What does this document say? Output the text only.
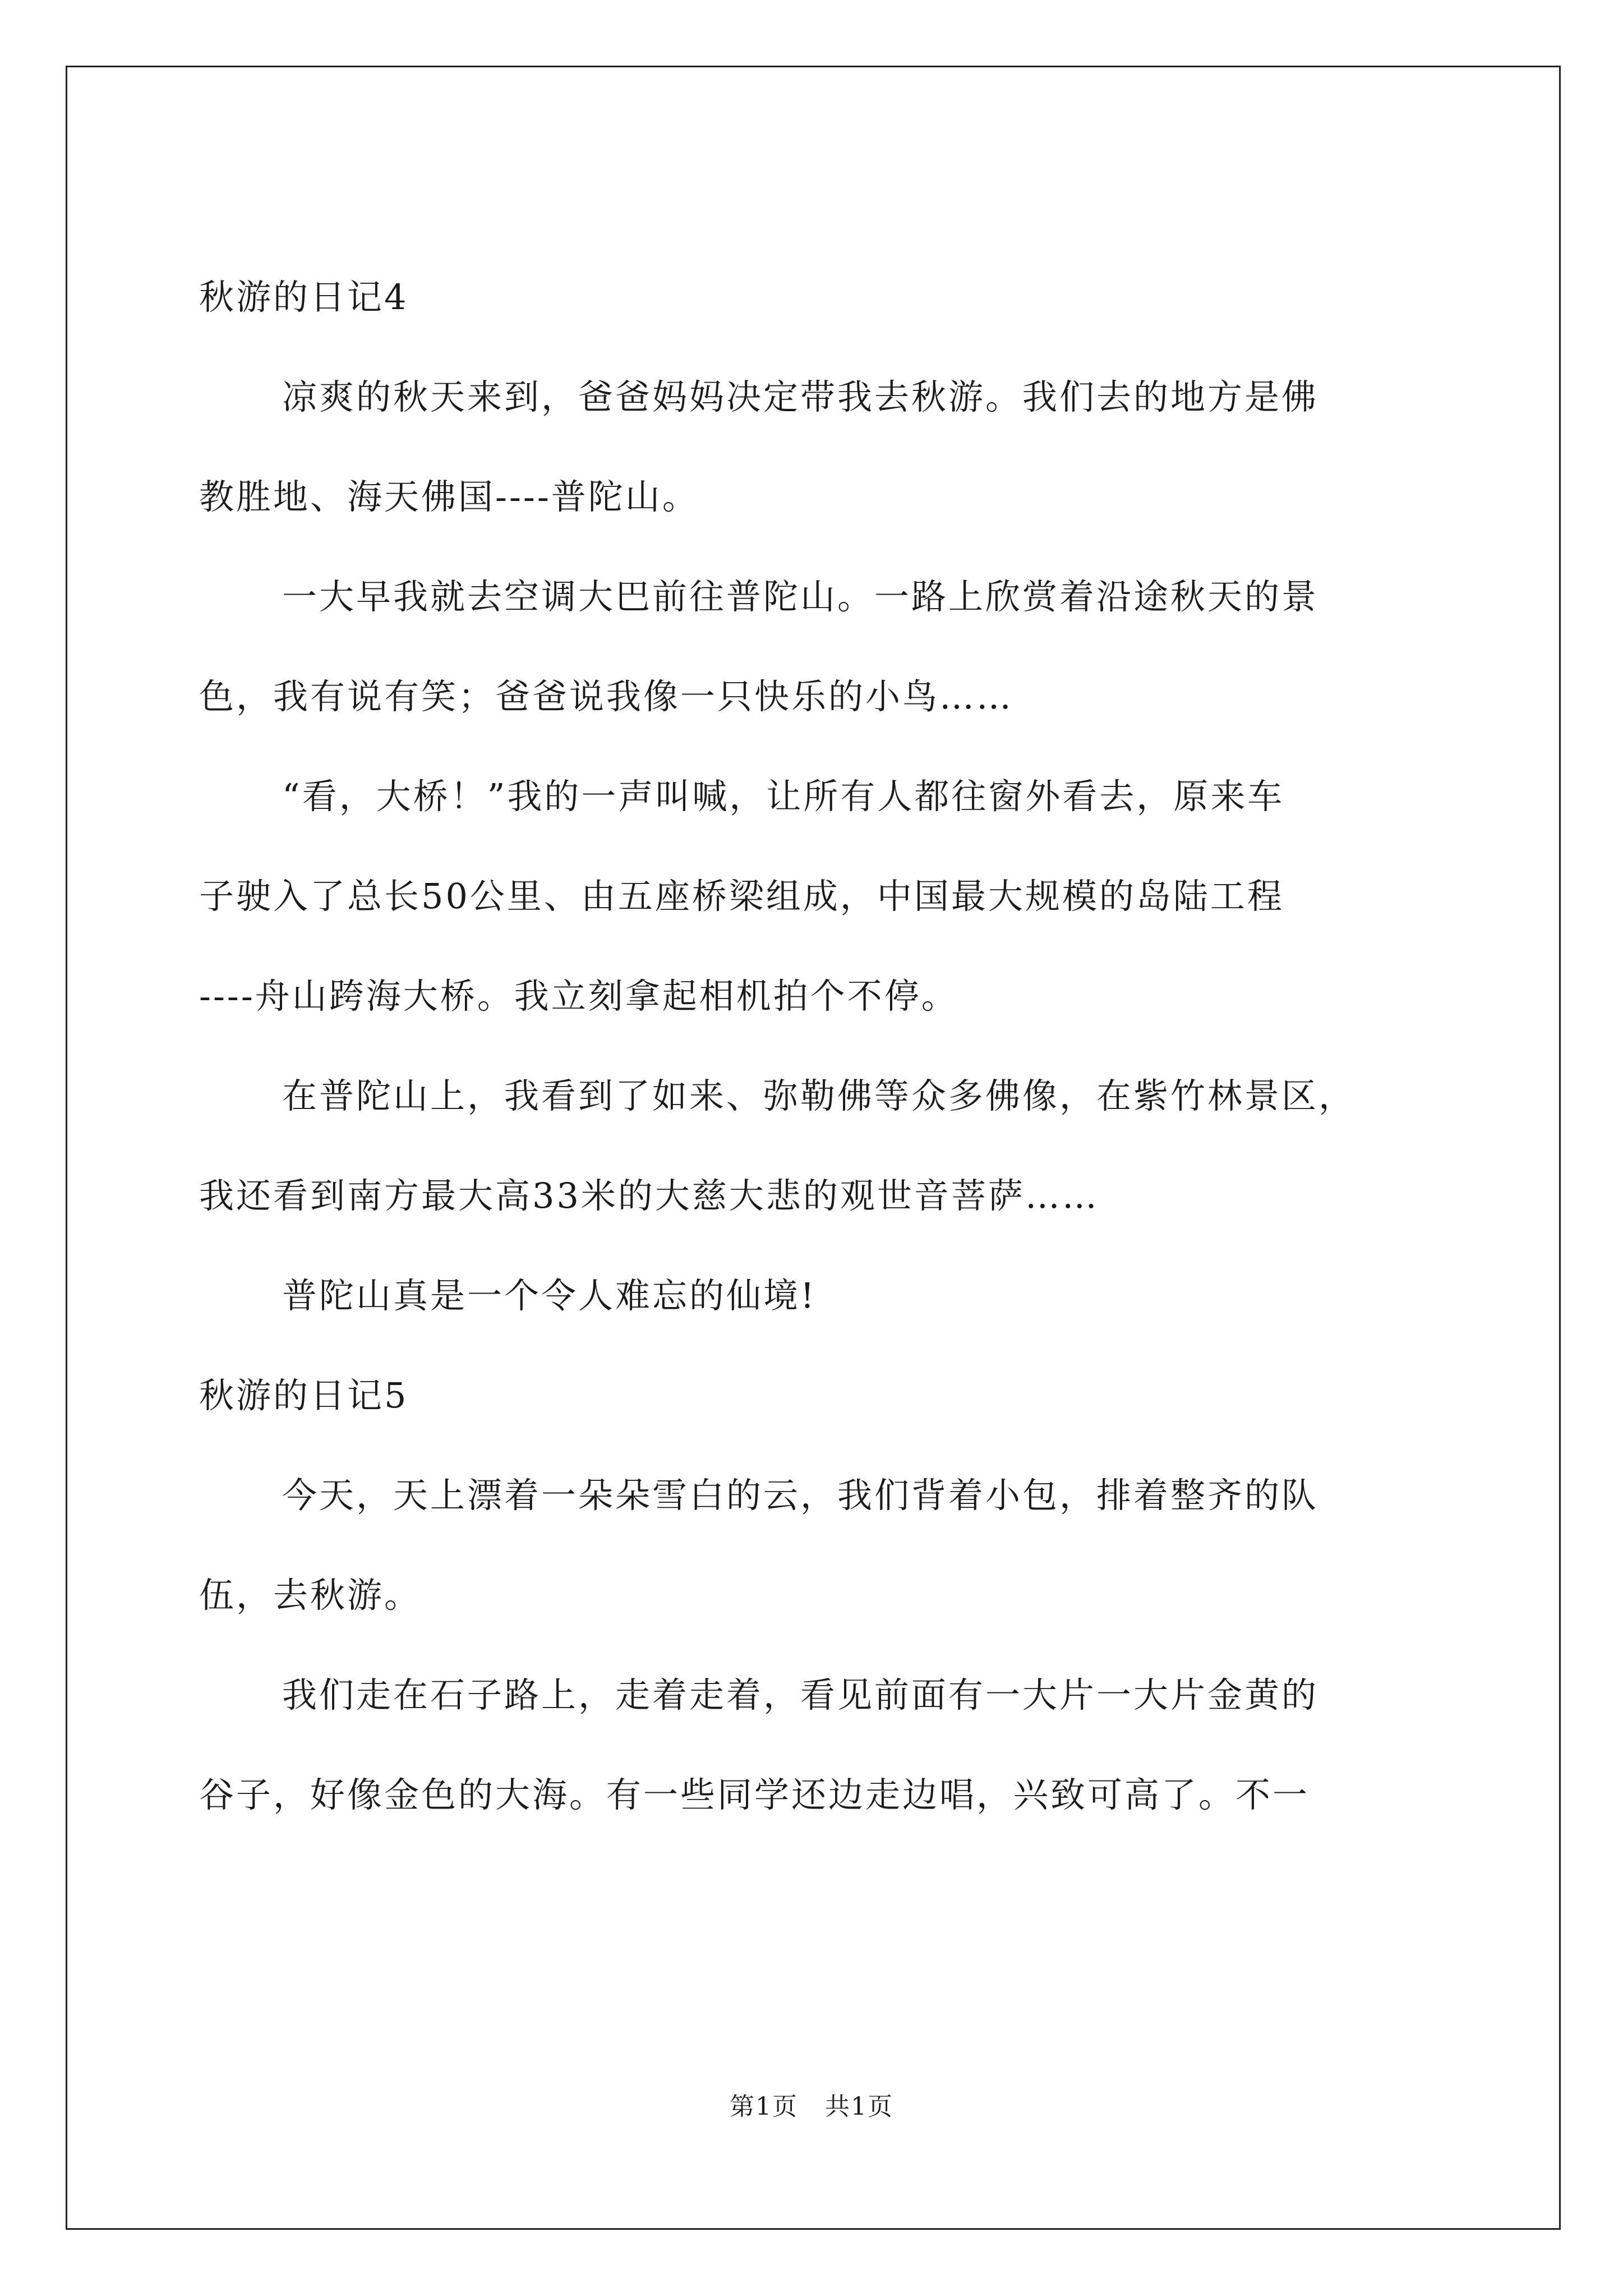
秋游的日记4
凉爽的秋天来到，爸爸妈妈决定带我去秋游。我们去的地方是佛
教胜地、海天佛国----普陀山。
一大早我就去空调大巴前往普陀山。一路上欣赏着沿途秋天的景
色，我有说有笑；爸爸说我像一只快乐的小鸟……
“看，大桥！”我的一声叫喊，让所有人都往窗外看去，原来车
子驶入了总长50公里、由五座桥梁组成，中国最大规模的岛陆工程
----舟山跨海大桥。我立刻拿起相机拍个不停。
在普陀山上，我看到了如来、弥勒佛等众多佛像，在紫竹林景区，
我还看到南方最大高33米的大慈大悲的观世音菩萨……
普陀山真是一个令人难忘的仙境!
秋游的日记5
今天，天上漂着一朵朵雪白的云，我们背着小包，排着整齐的队
伍，去秋游。
我们走在石子路上，走着走着，看见前面有一大片一大片金黄的
谷子，好像金色的大海。有一些同学还边走边唱，兴致可高了。不一
第1页 共1页
